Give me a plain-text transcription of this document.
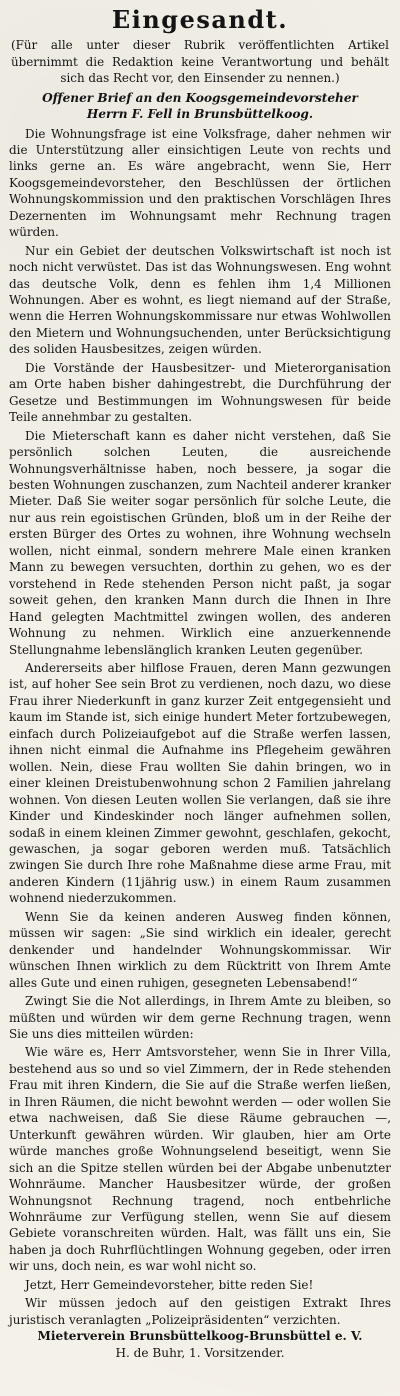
Eingesandt.

(Für alle unter dieser Rubrik veröffentlichten Artikel übernimmt die Redaktion keine Verantwortung und behält sich das Recht vor, den Einsender zu nennen.)

Offener Brief an den Koogsgemeindevorsteher
Herrn F. Fell in Brunsbüttelkoog.

Die Wohnungsfrage ist eine Volksfrage, daher nehmen wir die Unterstützung aller einsichtigen Leute von rechts und links gerne an. Es wäre angebracht, wenn Sie, Herr Koogsgemeindevorsteher, den Beschlüssen der örtlichen Wohnungskommission und den praktischen Vorschlägen Ihres Dezernenten im Wohnungsamt mehr Rechnung tragen würden.

Nur ein Gebiet der deutschen Volkswirtschaft ist noch ist noch nicht verwüstet. Das ist das Wohnungswesen. Eng wohnt das deutsche Volk, denn es fehlen ihm 1,4 Millionen Wohnungen. Aber es wohnt, es liegt niemand auf der Straße, wenn die Herren Wohnungskommissare nur etwas Wohlwollen den Mietern und Wohnungsuchenden, unter Berücksichtigung des soliden Hausbesitzes, zeigen würden.

Die Vorstände der Hausbesitzer- und Mieterorganisation am Orte haben bisher dahingestrebt, die Durchführung der Gesetze und Bestimmungen im Wohnungswesen für beide Teile annehmbar zu gestalten.

Die Mieterschaft kann es daher nicht verstehen, daß Sie persönlich solchen Leuten, die ausreichende Wohnungsverhältnisse haben, noch bessere, ja sogar die besten Wohnungen zuschanzen, zum Nachteil anderer kranker Mieter. Daß Sie weiter sogar persönlich für solche Leute, die nur aus rein egoistischen Gründen, bloß um in der Reihe der ersten Bürger des Ortes zu wohnen, ihre Wohnung wechseln wollen, nicht einmal, sondern mehrere Male einen kranken Mann zu bewegen versuchten, dorthin zu gehen, wo es der vorstehend in Rede stehenden Person nicht paßt, ja sogar soweit gehen, den kranken Mann durch die Ihnen in Ihre Hand gelegten Machtmittel zwingen wollen, des anderen Wohnung zu nehmen. Wirklich eine anzuerkennende Stellungnahme lebenslänglich kranken Leuten gegenüber.

Andererseits aber hilflose Frauen, deren Mann gezwungen ist, auf hoher See sein Brot zu verdienen, noch dazu, wo diese Frau ihrer Niederkunft in ganz kurzer Zeit entgegensieht und kaum im Stande ist, sich einige hundert Meter fortzubewegen, einfach durch Polizeiaufgebot auf die Straße werfen lassen, ihnen nicht einmal die Aufnahme ins Pflegeheim gewähren wollen. Nein, diese Frau wollten Sie dahin bringen, wo in einer kleinen Dreistubenwohnung schon 2 Familien jahrelang wohnen. Von diesen Leuten wollen Sie verlangen, daß sie ihre Kinder und Kindeskinder noch länger aufnehmen sollen, sodaß in einem kleinen Zimmer gewohnt, geschlafen, gekocht, gewaschen, ja sogar geboren werden muß. Tatsächlich zwingen Sie durch Ihre rohe Maßnahme diese arme Frau, mit anderen Kindern (11jährig usw.) in einem Raum zusammen wohnend niederzukommen.

Wenn Sie da keinen anderen Ausweg finden können, müssen wir sagen: „Sie sind wirklich ein idealer, gerecht denkender und handelnder Wohnungskommissar. Wir wünschen Ihnen wirklich zu dem Rücktritt von Ihrem Amte alles Gute und einen ruhigen, gesegneten Lebensabend!“

Zwingt Sie die Not allerdings, in Ihrem Amte zu bleiben, so müßten und würden wir dem gerne Rechnung tragen, wenn Sie uns dies mitteilen würden:

Wie wäre es, Herr Amtsvorsteher, wenn Sie in Ihrer Villa, bestehend aus so und so viel Zimmern, der in Rede stehenden Frau mit ihren Kindern, die Sie auf die Straße werfen ließen, in Ihren Räumen, die nicht bewohnt werden — oder wollen Sie etwa nachweisen, daß Sie diese Räume gebrauchen —, Unterkunft gewähren würden. Wir glauben, hier am Orte würde manches große Wohnungselend beseitigt, wenn Sie sich an die Spitze stellen würden bei der Abgabe unbenutzter Wohnräume. Mancher Hausbesitzer würde, der großen Wohnungsnot Rechnung tragend, noch entbehrliche Wohnräume zur Verfügung stellen, wenn Sie auf diesem Gebiete voranschreiten würden. Halt, was fällt uns ein, Sie haben ja doch Ruhrflüchtlingen Wohnung gegeben, oder irren wir uns, doch nein, es war wohl nicht so.

Jetzt, Herr Gemeindevorsteher, bitte reden Sie!

Wir müssen jedoch auf den geistigen Extrakt Ihres juristisch veranlagten „Polizeipräsidenten“ verzichten.

Mieterverein Brunsbüttelkoog-Brunsbüttel e. V.

H. de Buhr, 1. Vorsitzender.
